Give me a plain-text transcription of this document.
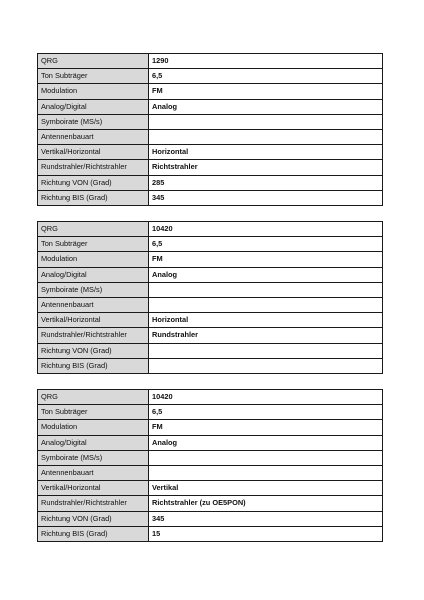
QRG	1290
Ton Subträger	6,5
Modulation	FM
Analog/Digital	Analog
Symboirate (MS/s)	
Antennenbauart	
Vertikal/Horizontal	Horizontal
Rundstrahler/Richtstrahler	Richtstrahler
Richtung VON (Grad)	285
Richtung BIS (Grad)	345
QRG	10420
Ton Subträger	6,5
Modulation	FM
Analog/Digital	Analog
Symboirate (MS/s)	
Antennenbauart	
Vertikal/Horizontal	Horizontal
Rundstrahler/Richtstrahler	Rundstrahler
Richtung VON (Grad)	
Richtung BIS (Grad)	
QRG	10420
Ton Subträger	6,5
Modulation	FM
Analog/Digital	Analog
Symboirate (MS/s)	
Antennenbauart	
Vertikal/Horizontal	Vertikal
Rundstrahler/Richtstrahler	Richtstrahler (zu OE5PON)
Richtung VON (Grad)	345
Richtung BIS (Grad)	15
